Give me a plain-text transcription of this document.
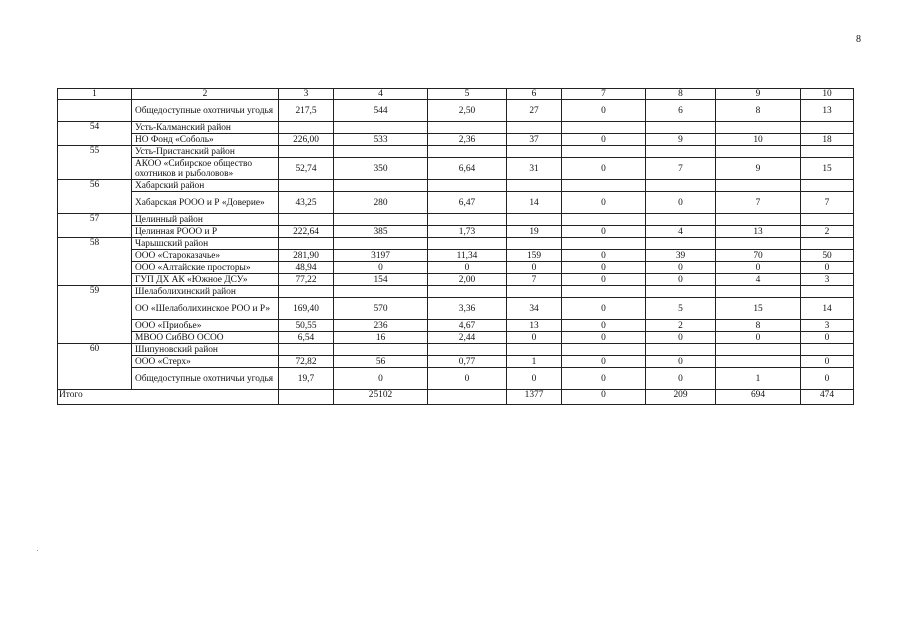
8
1	2	3	4	5	6	7	8	9	10
	Общедоступные охотничьи угодья	217,5	544	2,50	27	0	6	8	13
54	Усть-Калманский район								
	НО Фонд «Соболь»	226,00	533	2,36	37	0	9	10	18
55	Усть-Пристанский район								
	АКОО «Сибирское общество охотников и рыболовов»	52,74	350	6,64	31	0	7	9	15
56	Хабарский район								
	Хабарская РООО и Р «Доверие»	43,25	280	6,47	14	0	0	7	7
57	Целинный район								
	Целинная РООО и Р	222,64	385	1,73	19	0	4	13	2
58	Чарышский район								
	ООО «Староказачье»	281,90	3197	11,34	159	0	39	70	50
	ООО «Алтайские просторы»	48,94	0	0	0	0	0	0	0
	ГУП ДХ АК «Южное ДСУ»	77,22	154	2,00	7	0	0	4	3
59	Шелаболихинский район								
	ОО «Шелаболихинское РОО и Р»	169,40	570	3,36	34	0	5	15	14
	ООО «Приобье»	50,55	236	4,67	13	0	2	8	3
	МВОО СибВО ОСОО	6,54	16	2,44	0	0	0	0	0
60	Шипуновский район								
	ООО «Стерх»	72,82	56	0,77	1	0	0		0
	Общедоступные охотничьи угодья	19,7	0	0	0	0	0	1	0
Итого			25102		1377	0	209	694	474
